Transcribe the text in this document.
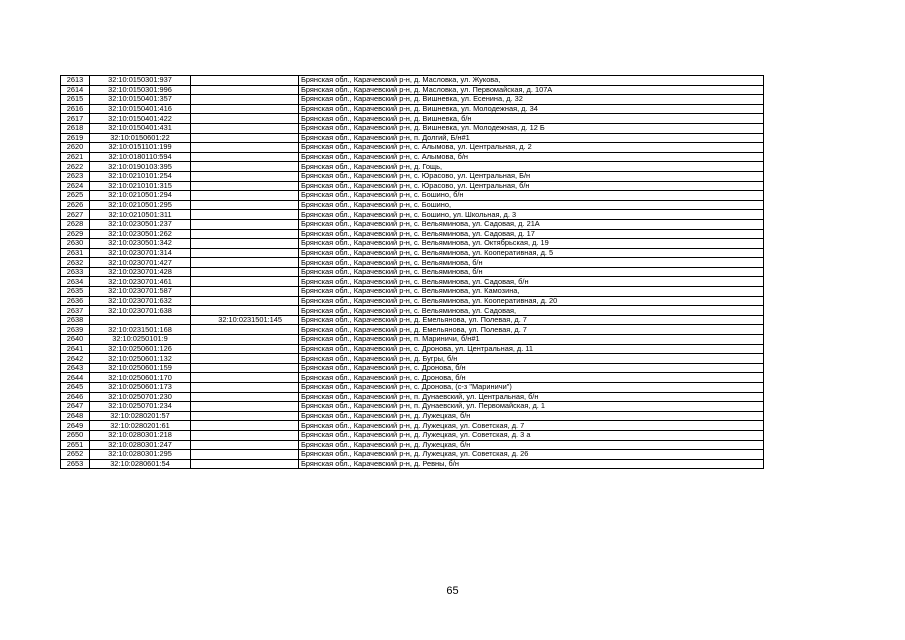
2613	32:10:0150301:937		Брянская обл., Карачевский р-н, д. Масловка, ул. Жукова,
2614	32:10:0150301:996		Брянская обл., Карачевский р-н, д. Масловка, ул. Первомайская, д. 107А
2615	32:10:0150401:357		Брянская обл., Карачевский р-н, д. Вишневка, ул. Есенина, д. 32
2616	32:10:0150401:416		Брянская обл., Карачевский р-н, д. Вишневка, ул. Молодежная, д. 34
2617	32:10:0150401:422		Брянская обл., Карачевский р-н, д. Вишневка, б/н
2618	32:10:0150401:431		Брянская обл., Карачевский р-н, д. Вишневка, ул. Молодежная, д. 12 Б
2619	32:10:0150601:22		Брянская обл., Карачевский р-н, п. Долгий, Б/н#1
2620	32:10:0151101:199		Брянская обл., Карачевский р-н, с. Алымова, ул. Центральная, д. 2
2621	32:10:0180110:594		Брянская обл., Карачевский р-н, с. Алымова, б/н
2622	32:10:0190103:395		Брянская обл., Карачевский р-н, д. Гощь,
2623	32:10:0210101:254		Брянская обл., Карачевский р-н, с. Юрасово, ул. Центральная, Б/н
2624	32:10:0210101:315		Брянская обл., Карачевский р-н, с. Юрасово, ул. Центральная, б/н
2625	32:10:0210501:294		Брянская обл., Карачевский р-н, с. Бошино, б/н
2626	32:10:0210501:295		Брянская обл., Карачевский р-н, с. Бошино,
2627	32:10:0210501:311		Брянская обл., Карачевский р-н, с. Бошино, ул. Школьная, д. 3
2628	32:10:0230501:237		Брянская обл., Карачевский р-н, с. Вельяминова, ул. Садовая, д. 21А
2629	32:10:0230501:262		Брянская обл., Карачевский р-н, с. Вельяминова, ул. Садовая, д. 17
2630	32:10:0230501:342		Брянская обл., Карачевский р-н, с. Вельяминова, ул. Октябрьская, д. 19
2631	32:10:0230701:314		Брянская обл., Карачевский р-н, с. Вельяминова, ул. Кооперативная, д. 5
2632	32:10:0230701:427		Брянская обл., Карачевский р-н, с. Вельяминова, б/н
2633	32:10:0230701:428		Брянская обл., Карачевский р-н, с. Вельяминова, б/н
2634	32:10:0230701:461		Брянская обл., Карачевский р-н, с. Вельяминова, ул. Садовая, б/н
2635	32:10:0230701:587		Брянская обл., Карачевский р-н, с. Вельяминова, ул. Камозина,
2636	32:10:0230701:632		Брянская обл., Карачевский р-н, с. Вельяминова, ул. Кооперативная, д. 20
2637	32:10:0230701:638		Брянская обл., Карачевский р-н, с. Вельяминова, ул. Садовая,
2638		32:10:0231501:145	Брянская обл., Карачевский р-н, д. Емельянова, ул. Полевая, д. 7
2639	32:10:0231501:168		Брянская обл., Карачевский р-н, д. Емельянова, ул. Полевая, д. 7
2640	32:10:0250101:9		Брянская обл., Карачевский р-н, п. Мариничи, б/н#1
2641	32:10:0250601:126		Брянская обл., Карачевский р-н, с. Дронова, ул. Центральная, д. 11
2642	32:10:0250601:132		Брянская обл., Карачевский р-н, д. Бугры, б/н
2643	32:10:0250601:159		Брянская обл., Карачевский р-н, с. Дронова, б/н
2644	32:10:0250601:170		Брянская обл., Карачевский р-н, с. Дронова, б/н
2645	32:10:0250601:173		Брянская обл., Карачевский р-н, с. Дронова, (с-з "Мариничи")
2646	32:10:0250701:230		Брянская обл., Карачевский р-н, п. Дунаевский, ул. Центральная, б/н
2647	32:10:0250701:234		Брянская обл., Карачевский р-н, п. Дунаевский, ул. Первомайская, д. 1
2648	32:10:0280201:57		Брянская обл., Карачевский р-н, д. Лужецкая, б/н
2649	32:10:0280201:61		Брянская обл., Карачевский р-н, д. Лужецкая, ул. Советская, д. 7
2650	32:10:0280301:218		Брянская обл., Карачевский р-н, д. Лужецкая, ул. Советская, д. 3 а
2651	32:10:0280301:247		Брянская обл., Карачевский р-н, д. Лужецкая, б/н
2652	32:10:0280301:295		Брянская обл., Карачевский р-н, д. Лужецкая, ул. Советская, д. 26
2653	32:10:0280601:54		Брянская обл., Карачевский р-н, д. Ревны, б/н
65
